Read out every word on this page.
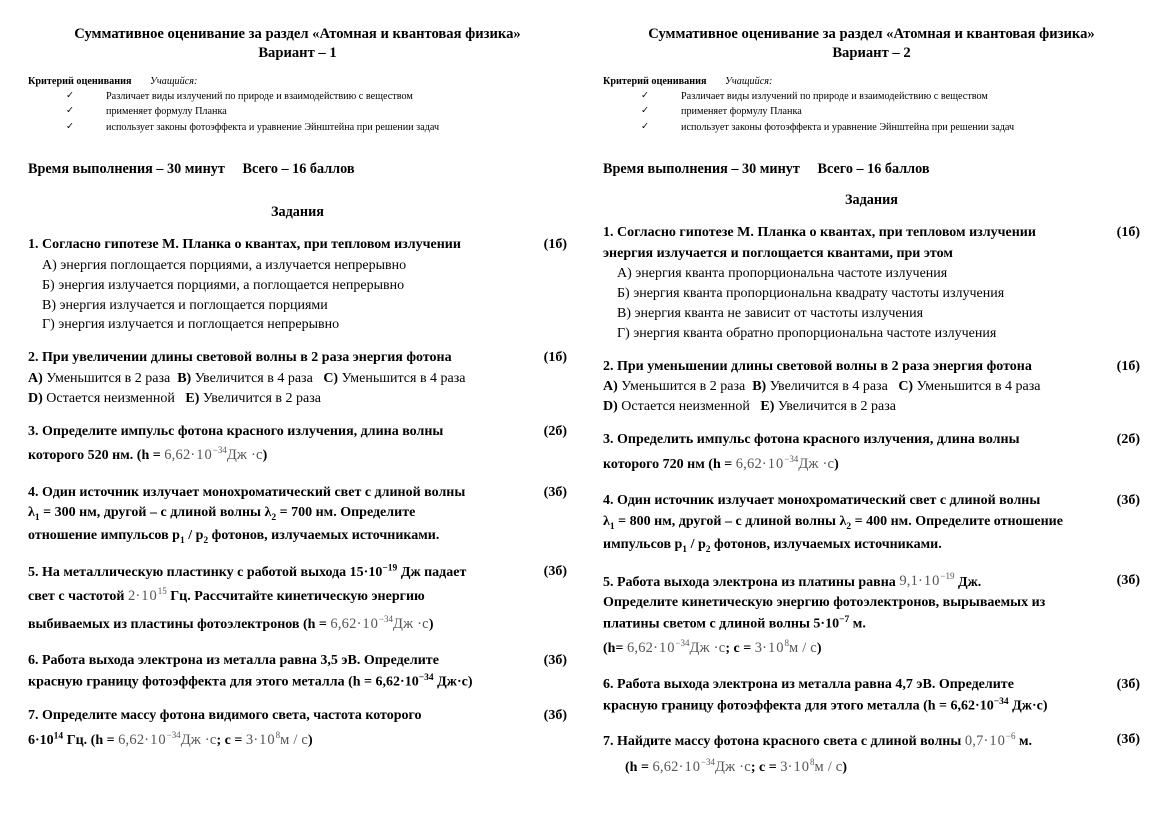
Суммативное оценивание за раздел «Атомная и квантовая физика»
Вариант – 1
Критерий оценивания Учащийся:
✓	Различает виды излучений по природе и взаимодействию с веществом
✓	применяет формулу Планка
✓	использует законы фотоэффекта и уравнение Эйнштейна при решении задач
Время выполнения – 30 минут     Всего – 16 баллов
Задания
1. Согласно гипотезе М. Планка о квантах, при тепловом излучении	(1б)
А) энергия поглощается порциями, а излучается непрерывно
Б) энергия излучается порциями, а поглощается непрерывно
В) энергия излучается и поглощается порциями
Г) энергия излучается и поглощается непрерывно
2. При увеличении длины световой волны в 2 раза энергия фотона	(1б)
A) Уменьшится в 2 раза  B) Увеличится в 4 раза   C) Уменьшится в 4 раза
D) Остается неизменной   E) Увеличится в 2 раза
3. Определите импульс фотона красного излучения, длина волны	(2б)
которого 520 нм. $(h = 6,62\cdot 10^{-34}Дж \cdot с)$
4. Один источник излучает монохроматический свет с длиной волны	(3б)
$\lambda_1 = 300$ нм, другой – с длиной волны $\lambda_2 = 700$ нм. Определите
отношение импульсов $p_1 / p_2$ фотонов, излучаемых источниками.
5. На металлическую пластинку с работой выхода $15\cdot 10^{-19}$ Дж падает	(3б)
свет с частотой $2\cdot 10^{15}$ Гц. Рассчитайте кинетическую энергию
выбиваемых из пластины фотоэлектронов $(h = 6,62\cdot 10^{-34}Дж \cdot с)$
6. Работа выхода электрона из металла равна 3,5 эВ. Определите	(3б)
красную границу фотоэффекта для этого металла ($h = 6,62\cdot 10^{-34}$ Дж·с)
7. Определите массу фотона видимого света, частота которого	(3б)
$6\cdot 10^{14}$ Гц. ($h = 6,62\cdot 10^{-34}Дж \cdot с$; $c = 3\cdot 10^8м / с$)
Суммативное оценивание за раздел «Атомная и квантовая физика»
Вариант – 2
Критерий оценивания Учащийся:
✓	Различает виды излучений по природе и взаимодействию с веществом
✓	применяет формулу Планка
✓	использует законы фотоэффекта и уравнение Эйнштейна при решении задач
Время выполнения – 30 минут     Всего – 16 баллов
Задания
1. Согласно гипотезе М. Планка о квантах, при тепловом излучении	(1б)
энергия излучается и поглощается квантами, при этом
А) энергия кванта пропорциональна частоте излучения
Б) энергия кванта пропорциональна квадрату частоты излучения
В) энергия кванта не зависит от частоты излучения
Г) энергия кванта обратно пропорциональна частоте излучения
2. При уменьшении длины световой волны в 2 раза энергия фотона	(1б)
A) Уменьшится в 2 раза  B) Увеличится в 4 раза   C) Уменьшится в 4 раза
D) Остается неизменной   E) Увеличится в 2 раза
3. Определить импульс фотона красного излучения, длина волны	(2б)
которого 720 нм $(h = 6,62\cdot 10^{-34}Дж \cdot с)$
4. Один источник излучает монохроматический свет с длиной волны	(3б)
$\lambda_1 = 800$ нм, другой – с длиной волны $\lambda_2 = 400$ нм. Определите отношение
импульсов $p_1 / p_2$ фотонов, излучаемых источниками.
5. Работа выхода электрона из платины равна $9,1\cdot 10^{-19}$ Дж.	(3б)
Определите кинетическую энергию фотоэлектронов, вырываемых из
платины светом с длиной волны $5\cdot 10^{-7}$ м.
($h= 6,62\cdot 10^{-34}Дж \cdot с$; $c = 3\cdot 10^8м / с$)
6. Работа выхода электрона из металла равна 4,7 эВ. Определите	(3б)
красную границу фотоэффекта для этого металла ($h = 6,62\cdot 10^{-34}$ Дж·с)
7. Найдите массу фотона красного света с длиной волны $0,7\cdot 10^{-6}$ м.	(3б)
($h = 6,62\cdot 10^{-34}Дж \cdot с$; $c = 3\cdot 10^8м / с$)
